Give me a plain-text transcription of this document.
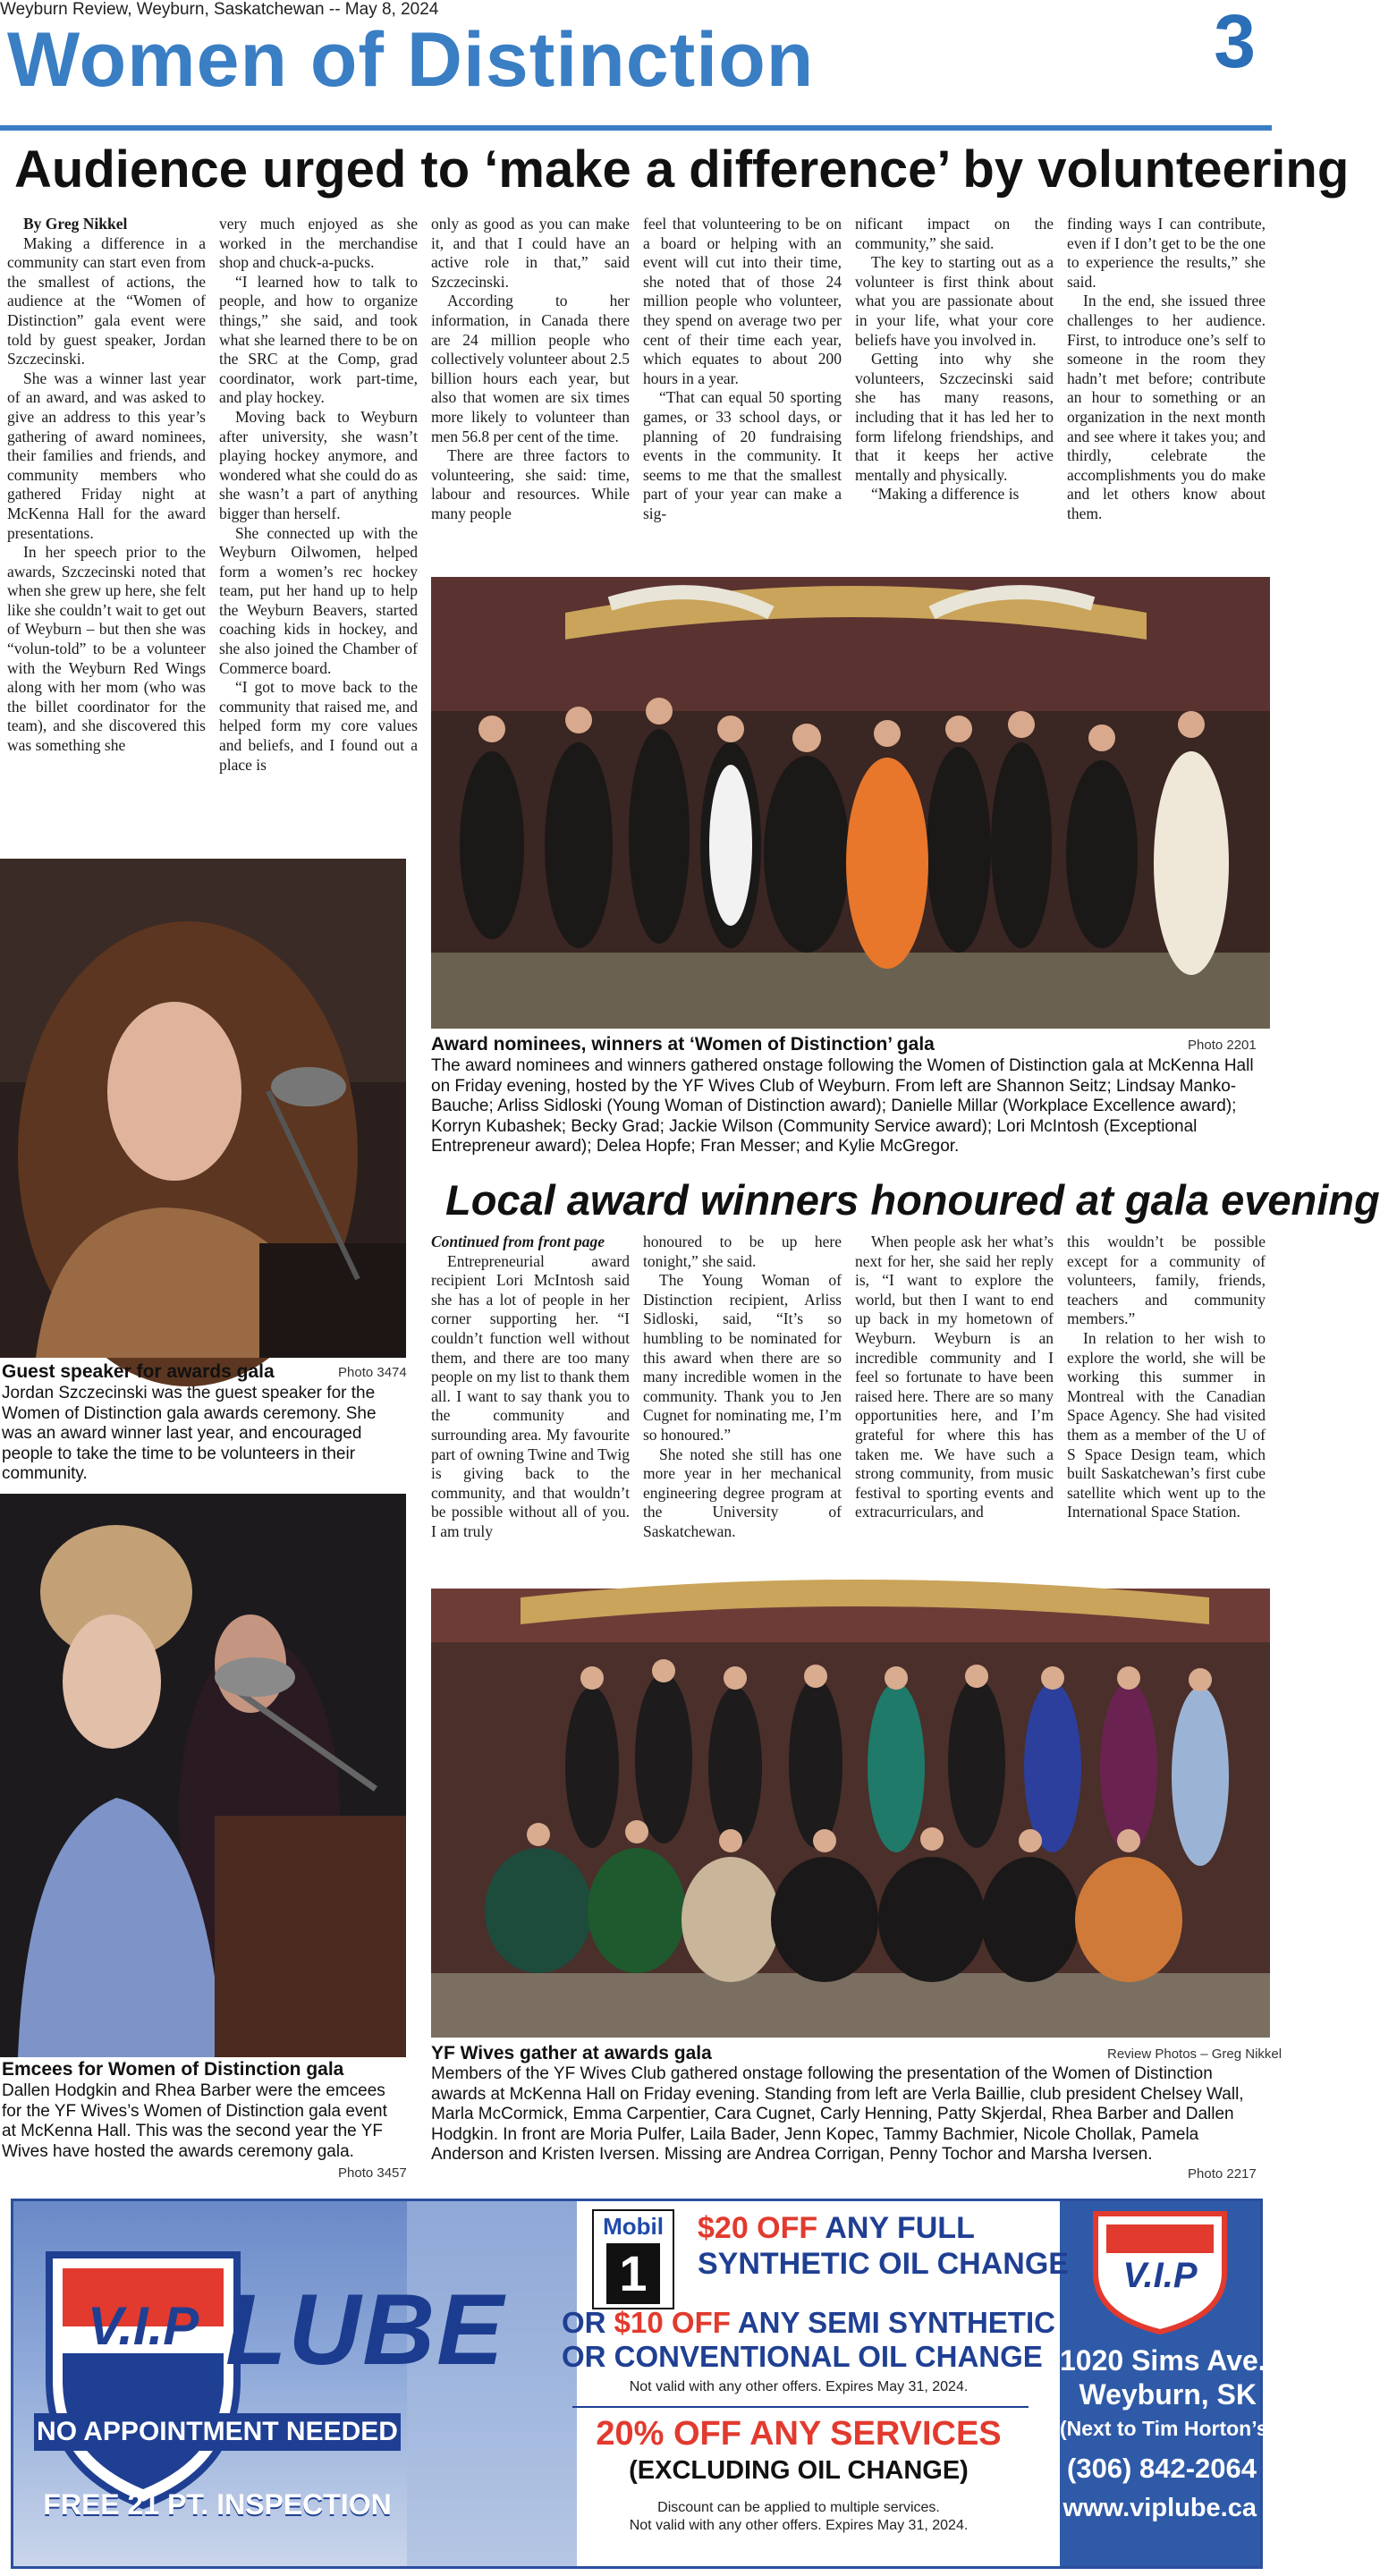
Weyburn Review, Weyburn, Saskatchewan -- May 8, 2024
Women of Distinction	3
Audience urged to ‘make a difference’ by volunteering

By Greg Nikkel

Making a difference in a community can start even from the smallest of actions, the audience at the “Women of Distinction” gala event were told by guest speaker, Jordan Szczecinski.

She was a winner last year of an award, and was asked to give an address to this year’s gathering of award nominees, their families and friends, and community members who gathered Friday night at McKenna Hall for the award presentations.

In her speech prior to the awards, Szczecinski noted that when she grew up here, she felt like she couldn’t wait to get out of Weyburn – but then she was “volun-told” to be a volunteer with the Weyburn Red Wings along with her mom (who was the billet coordinator for the team), and she discovered this was something she

very much enjoyed as she worked in the merchandise shop and chuck-a-pucks.

“I learned how to talk to people, and how to organize things,” she said, and took what she learned there to be on the SRC at the Comp, grad coordinator, work part-time, and play hockey.

Moving back to Weyburn after university, she wasn’t playing hockey anymore, and wondered what she could do as she wasn’t a part of anything bigger than herself.

She connected up with the Weyburn Oilwomen, helped form a women’s rec hockey team, put her hand up to help the Weyburn Beavers, started coaching kids in hockey, and she also joined the Chamber of Commerce board.

“I got to move back to the community that raised me, and helped form my core values and beliefs, and I found out a place is

only as good as you can make it, and that I could have an active role in that,” said Szczecinski.

According to her information, in Canada there are 24 million people who collectively volunteer about 2.5 billion hours each year, but also that women are six times more likely to volunteer than men 56.8 per cent of the time.

There are three factors to volunteering, she said: time, labour and resources. While many people

feel that volunteering to be on a board or helping with an event will cut into their time, she noted that of those 24 million people who volunteer, they spend on average two per cent of their time each year, which equates to about 200 hours in a year.

“That can equal 50 sporting games, or 33 school days, or planning of 20 fundraising events in the community. It seems to me that the smallest part of your year can make a sig-

nificant impact on the community,” she said.

The key to starting out as a volunteer is first think about what you are passionate about in your life, what your core beliefs have you involved in.

Getting into why she volunteers, Szczecinski said she has many reasons, including that it has led her to form lifelong friendships, and that it keeps her active mentally and physically.

“Making a difference is

finding ways I can contribute, even if I don’t get to be the one to experience the results,” she said.

In the end, she issued three challenges to her audience. First, to introduce one’s self to someone in the room they hadn’t met before; contribute an hour to something or an organization in the next month and see where it takes you; and thirdly, celebrate the accomplishments you do make and let others know about them.

Award nominees, winners at ‘Women of Distinction’ gala	Photo 2201
The award nominees and winners gathered onstage following the Women of Distinction gala at McKenna Hall on Friday evening, hosted by the YF Wives Club of Weyburn. From left are Shannon Seitz; Lindsay Manko-Bauche; Arliss Sidloski (Young Woman of Distinction award); Danielle Millar (Workplace Excellence award); Korryn Kubashek; Becky Grad; Jackie Wilson (Community Service award); Lori McIntosh (Exceptional Entrepreneur award); Delea Hopfe; Fran Messer; and Kylie McGregor.
Guest speaker for awards gala	Photo 3474
Jordan Szczecinski was the guest speaker for the Women of Distinction gala awards ceremony. She was an award winner last year, and encouraged people to take the time to be volunteers in their community.
Emcees for Women of Distinction gala
Dallen Hodgkin and Rhea Barber were the emcees for the YF Wives’s Women of Distinction gala event at McKenna Hall. This was the second year the YF Wives have hosted the awards ceremony gala.
Photo 3457
Local award winners honoured at gala evening

Continued from front page

Entrepreneurial award recipient Lori McIntosh said she has a lot of people in her corner supporting her. “I couldn’t function well without them, and there are too many people on my list to thank them all. I want to say thank you to the community and surrounding area. My favourite part of owning Twine and Twig is giving back to the community, and that wouldn’t be possible without all of you. I am truly

honoured to be up here tonight,” she said.

The Young Woman of Distinction recipient, Arliss Sidloski, said, “It’s so humbling to be nominated for this award when there are so many incredible women in the community. Thank you to Jen Cugnet for nominating me, I’m so honoured.”

She noted she still has one more year in her mechanical engineering degree program at the University of Saskatchewan.

When people ask her what’s next for her, she said her reply is, “I want to explore the world, but then I want to end up back in my hometown of Weyburn. Weyburn is an incredible community and I feel so fortunate to have been raised here. There are so many opportunities here, and I’m grateful for where this has taken me. We have such a strong community, from music festival to sporting events and extracurriculars, and

this wouldn’t be possible except for a community of volunteers, family, friends, teachers and community members.”

In relation to her wish to explore the world, she will be working this summer in Montreal with the Canadian Space Agency. She had visited them as a member of the U of S Space Design team, which built Saskatchewan’s first cube satellite which went up to the International Space Station.

YF Wives gather at awards gala	Review Photos – Greg Nikkel
Members of the YF Wives Club gathered onstage following the presentation of the Women of Distinction awards at McKenna Hall on Friday evening. Standing from left are Verla Baillie, club president Chelsey Wall, Marla McCormick, Emma Carpentier, Cara Cugnet, Carly Henning, Patty Skjerdal, Rhea Barber and Dallen Hodgkin. In front are Moria Pulfer, Laila Bader, Jenn Kopec, Tammy Bachmier, Nicole Chollak, Pamela Anderson and Kristen Iversen. Missing are Andrea Corrigan, Penny Tochor and Marsha Iversen.
Photo 2217
V.I.P
V.I.P
LUBE
NO APPOINTMENT NEEDED
FREE 21 PT. INSPECTION
Mobil
1
$20 OFF ANY FULL
SYNTHETIC OIL CHANGE
OR $10 OFF ANY SEMI SYNTHETIC
OR CONVENTIONAL OIL CHANGE
Not valid with any other offers. Expires May 31, 2024.
20% OFF ANY SERVICES
(EXCLUDING OIL CHANGE)
Discount can be applied to multiple services.
Not valid with any other offers. Expires May 31, 2024.
1020 Sims Ave.
Weyburn, SK
(Next to Tim Horton’s)
(306) 842-2064
www.viplube.ca
